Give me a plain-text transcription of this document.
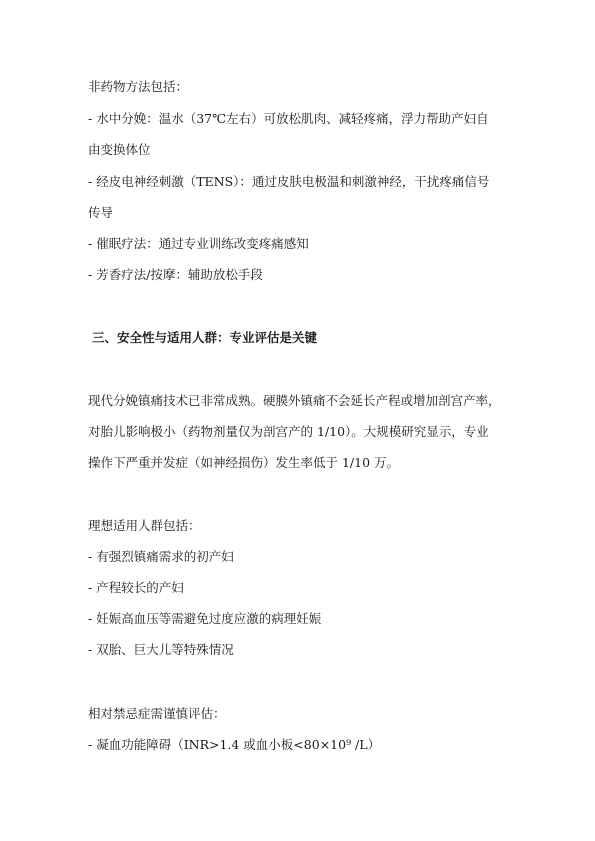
非药物方法包括：
- 水中分娩：温水（37℃左右）可放松肌肉、减轻疼痛，浮力帮助产妇自
由变换体位
- 经皮电神经刺激（TENS）：通过皮肤电极温和刺激神经，干扰疼痛信号
传导
- 催眠疗法：通过专业训练改变疼痛感知
- 芳香疗法/按摩：辅助放松手段
三、安全性与适用人群：专业评估是关键
现代分娩镇痛技术已非常成熟。硬膜外镇痛不会延长产程或增加剖宫产率，
对胎儿影响极小（药物剂量仅为剖宫产的 1/10）。大规模研究显示，专业
操作下严重并发症（如神经损伤）发生率低于 1/10 万。
理想适用人群包括：
- 有强烈镇痛需求的初产妇
- 产程较长的产妇
- 妊娠高血压等需避免过度应激的病理妊娠
- 双胎、巨大儿等特殊情况
相对禁忌症需谨慎评估：
- 凝血功能障碍（INR>1.4 或血小板<80×10⁹ /L）
